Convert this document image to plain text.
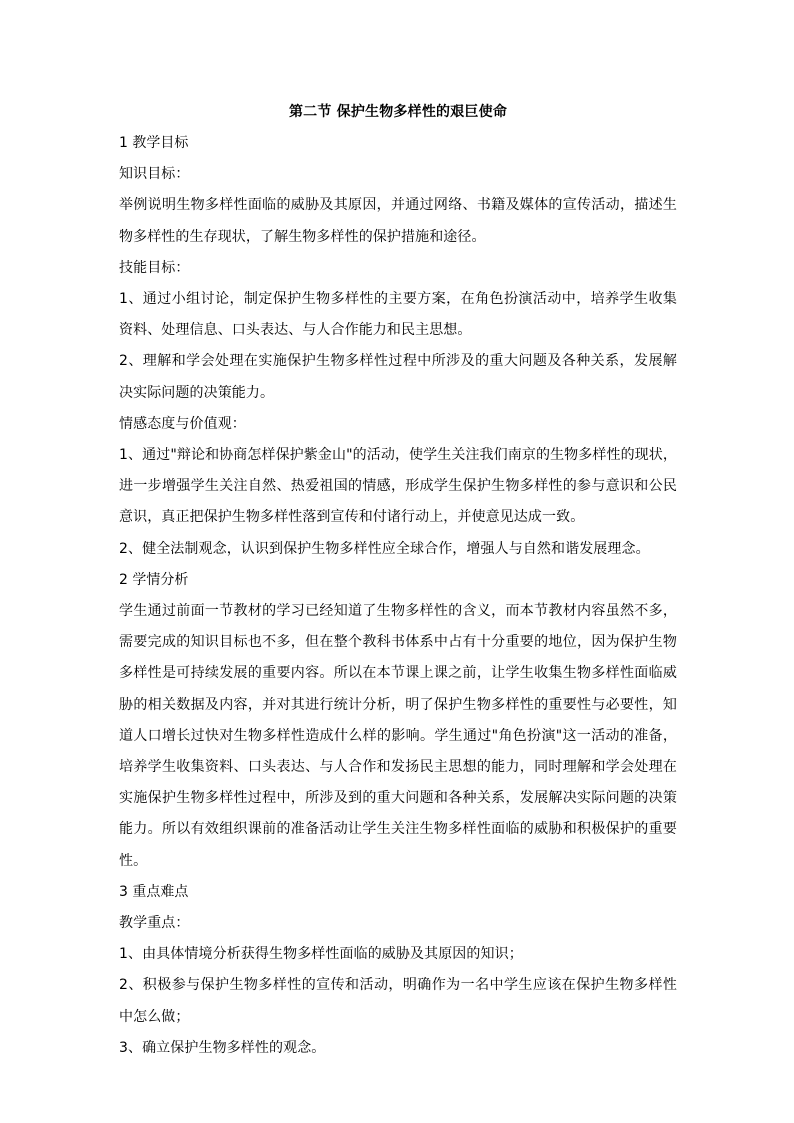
第二节 保护生物多样性的艰巨使命

1 教学目标

知识目标：

举例说明生物多样性面临的威胁及其原因，并通过网络、书籍及媒体的宣传活动，描述生物多样性的生存现状，了解生物多样性的保护措施和途径。

技能目标：

1、通过小组讨论，制定保护生物多样性的主要方案，在角色扮演活动中，培养学生收集资料、处理信息、口头表达、与人合作能力和民主思想。

2、理解和学会处理在实施保护生物多样性过程中所涉及的重大问题及各种关系，发展解决实际问题的决策能力。

情感态度与价值观：

1、通过"辩论和协商怎样保护紫金山"的活动，使学生关注我们南京的生物多样性的现状，进一步增强学生关注自然、热爱祖国的情感，形成学生保护生物多样性的参与意识和公民意识，真正把保护生物多样性落到宣传和付诸行动上，并使意见达成一致。

2、健全法制观念，认识到保护生物多样性应全球合作，增强人与自然和谐发展理念。

2 学情分析

学生通过前面一节教材的学习已经知道了生物多样性的含义，而本节教材内容虽然不多，需要完成的知识目标也不多，但在整个教科书体系中占有十分重要的地位，因为保护生物多样性是可持续发展的重要内容。所以在本节课上课之前，让学生收集生物多样性面临威胁的相关数据及内容，并对其进行统计分析，明了保护生物多样性的重要性与必要性，知道人口增长过快对生物多样性造成什么样的影响。学生通过"角色扮演"这一活动的准备，培养学生收集资料、口头表达、与人合作和发扬民主思想的能力，同时理解和学会处理在实施保护生物多样性过程中，所涉及到的重大问题和各种关系，发展解决实际问题的决策能力。所以有效组织课前的准备活动让学生关注生物多样性面临的威胁和积极保护的重要性。

3 重点难点

教学重点：

1、由具体情境分析获得生物多样性面临的威胁及其原因的知识；

2、积极参与保护生物多样性的宣传和活动，明确作为一名中学生应该在保护生物多样性中怎么做；

3、确立保护生物多样性的观念。
